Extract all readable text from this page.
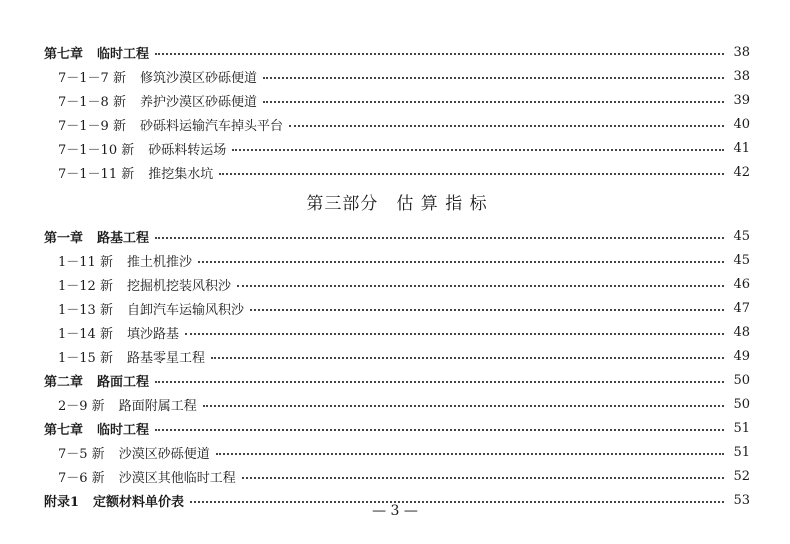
第七章 临时工程	38
7－1－7 新 修筑沙漠区砂砾便道	38
7－1－8 新 养护沙漠区砂砾便道	39
7－1－9 新 砂砾料运输汽车掉头平台	40
7－1－10 新 砂砾料转运场	41
7－1－11 新 推挖集水坑	42
第三部分　估 算 指 标
第一章 路基工程	45
1－11 新 推土机推沙	45
1－12 新 挖掘机挖装风积沙	46
1－13 新 自卸汽车运输风积沙	47
1－14 新 填沙路基	48
1－15 新 路基零星工程	49
第二章 路面工程	50
2－9 新 路面附属工程	50
第七章 临时工程	51
7－5 新 沙漠区砂砾便道	51
7－6 新 沙漠区其他临时工程	52
附录1 定额材料单价表	53
— 3 —
